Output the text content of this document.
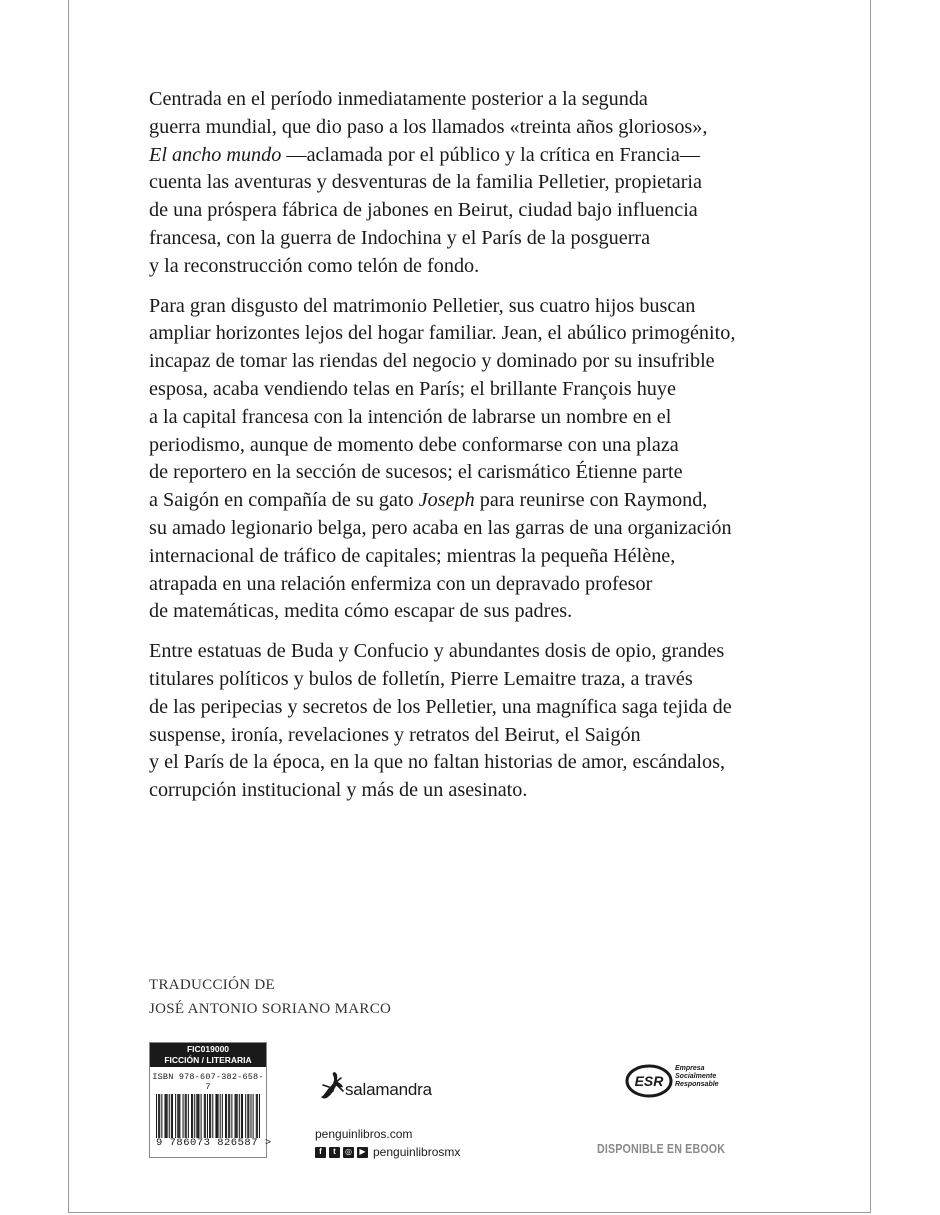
Centrada en el período inmediatamente posterior a la segunda
guerra mundial, que dio paso a los llamados «treinta años gloriosos»,
El ancho mundo —aclamada por el público y la crítica en Francia—
cuenta las aventuras y desventuras de la familia Pelletier, propietaria
de una próspera fábrica de jabones en Beirut, ciudad bajo influencia
francesa, con la guerra de Indochina y el París de la posguerra
y la reconstrucción como telón de fondo.

Para gran disgusto del matrimonio Pelletier, sus cuatro hijos buscan
ampliar horizontes lejos del hogar familiar. Jean, el abúlico primogénito,
incapaz de tomar las riendas del negocio y dominado por su insufrible
esposa, acaba vendiendo telas en París; el brillante François huye
a la capital francesa con la intención de labrarse un nombre en el
periodismo, aunque de momento debe conformarse con una plaza
de reportero en la sección de sucesos; el carismático Étienne parte
a Saigón en compañía de su gato Joseph para reunirse con Raymond,
su amado legionario belga, pero acaba en las garras de una organización
internacional de tráfico de capitales; mientras la pequeña Hélène,
atrapada en una relación enfermiza con un depravado profesor
de matemáticas, medita cómo escapar de sus padres.

Entre estatuas de Buda y Confucio y abundantes dosis de opio, grandes
titulares políticos y bulos de folletín, Pierre Lemaitre traza, a través
de las peripecias y secretos de los Pelletier, una magnífica saga tejida de
suspense, ironía, revelaciones y retratos del Beirut, el Saigón
y el París de la época, en la que no faltan historias de amor, escándalos,
corrupción institucional y más de un asesinato.

TRADUCCIÓN DE
JOSÉ ANTONIO SORIANO MARCO
FIC019000
FICCIÓN / LITERARIA
ISBN 978-607-382-658-7
9 786073 826587 >
salamandra
penguinlibros.com
f	t	◎ ▶ penguinlibrosmx
ESR
Empresa
Socialmente
Responsable
DISPONIBLE EN EBOOK
